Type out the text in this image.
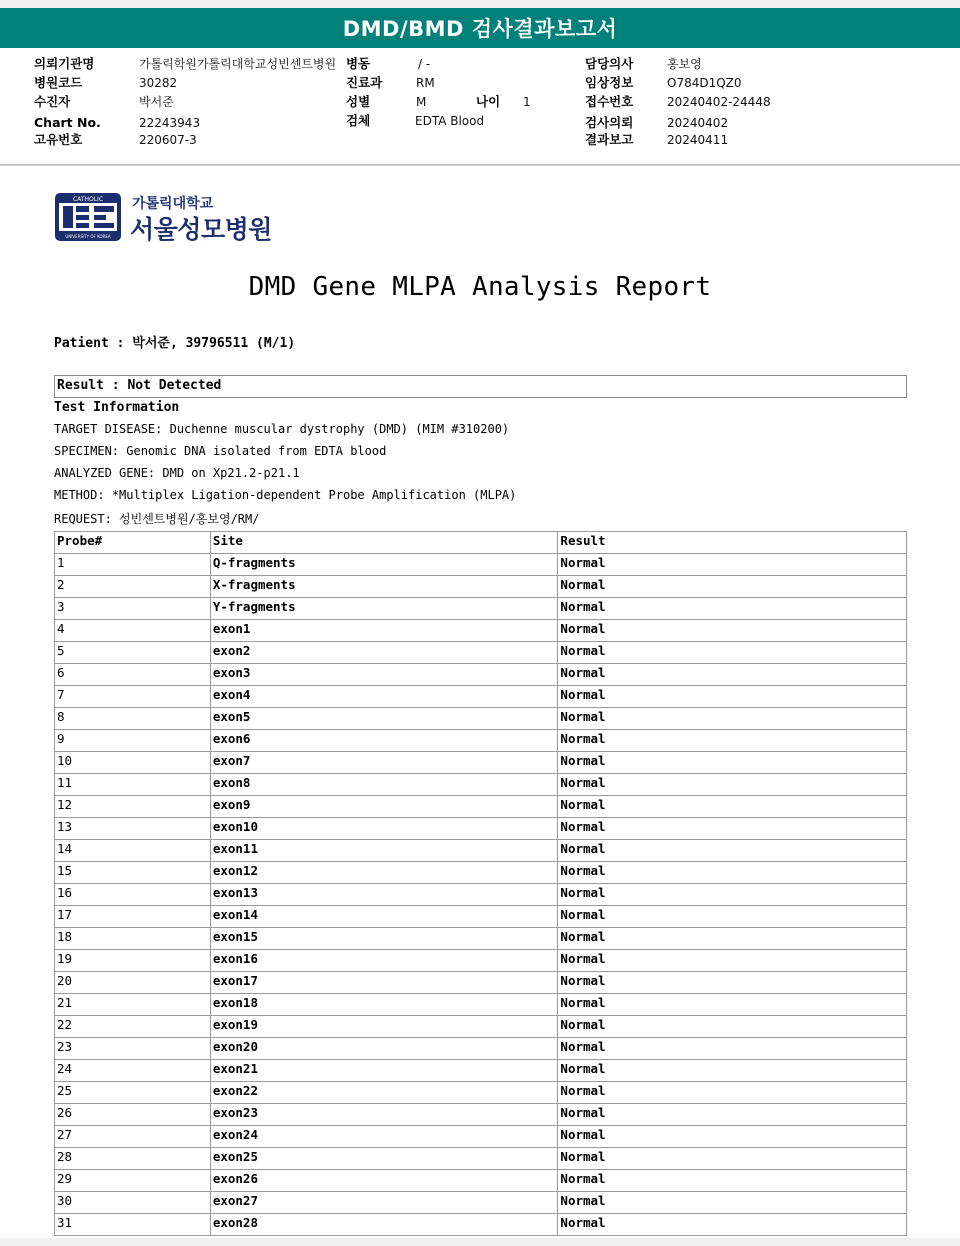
DMD/BMD 검사결과보고서
의뢰기관명	가톨릭학원가톨릭대학교성빈센트병원
병원코드	30282
수진자	박서준
Chart No.	22243943
고유번호	220607-3
병동	/ -
진료과	RM
성별	M	나이 1
검체	EDTA Blood
담당의사	홍보영
임상정보	O784D1QZ0
접수번호	20240402-24448
검사의뢰	20240402
결과보고	20240411
CATHOLIC
UNIVERSITY OF KOREA
가톨릭대학교
서울성모병원
DMD Gene MLPA Analysis Report
Patient : 박서준, 39796511 (M/1)
Result : Not Detected
Test Information
TARGET DISEASE: Duchenne muscular dystrophy (DMD) (MIM #310200)
SPECIMEN: Genomic DNA isolated from EDTA blood
ANALYZED GENE: DMD on Xp21.2-p21.1
METHOD: *Multiplex Ligation-dependent Probe Amplification (MLPA)
REQUEST: 성빈센트병원/홍보영/RM/
Probe#	Site	Result
1	Q-fragments	Normal
2	X-fragments	Normal
3	Y-fragments	Normal
4	exon1	Normal
5	exon2	Normal
6	exon3	Normal
7	exon4	Normal
8	exon5	Normal
9	exon6	Normal
10	exon7	Normal
11	exon8	Normal
12	exon9	Normal
13	exon10	Normal
14	exon11	Normal
15	exon12	Normal
16	exon13	Normal
17	exon14	Normal
18	exon15	Normal
19	exon16	Normal
20	exon17	Normal
21	exon18	Normal
22	exon19	Normal
23	exon20	Normal
24	exon21	Normal
25	exon22	Normal
26	exon23	Normal
27	exon24	Normal
28	exon25	Normal
29	exon26	Normal
30	exon27	Normal
31	exon28	Normal
